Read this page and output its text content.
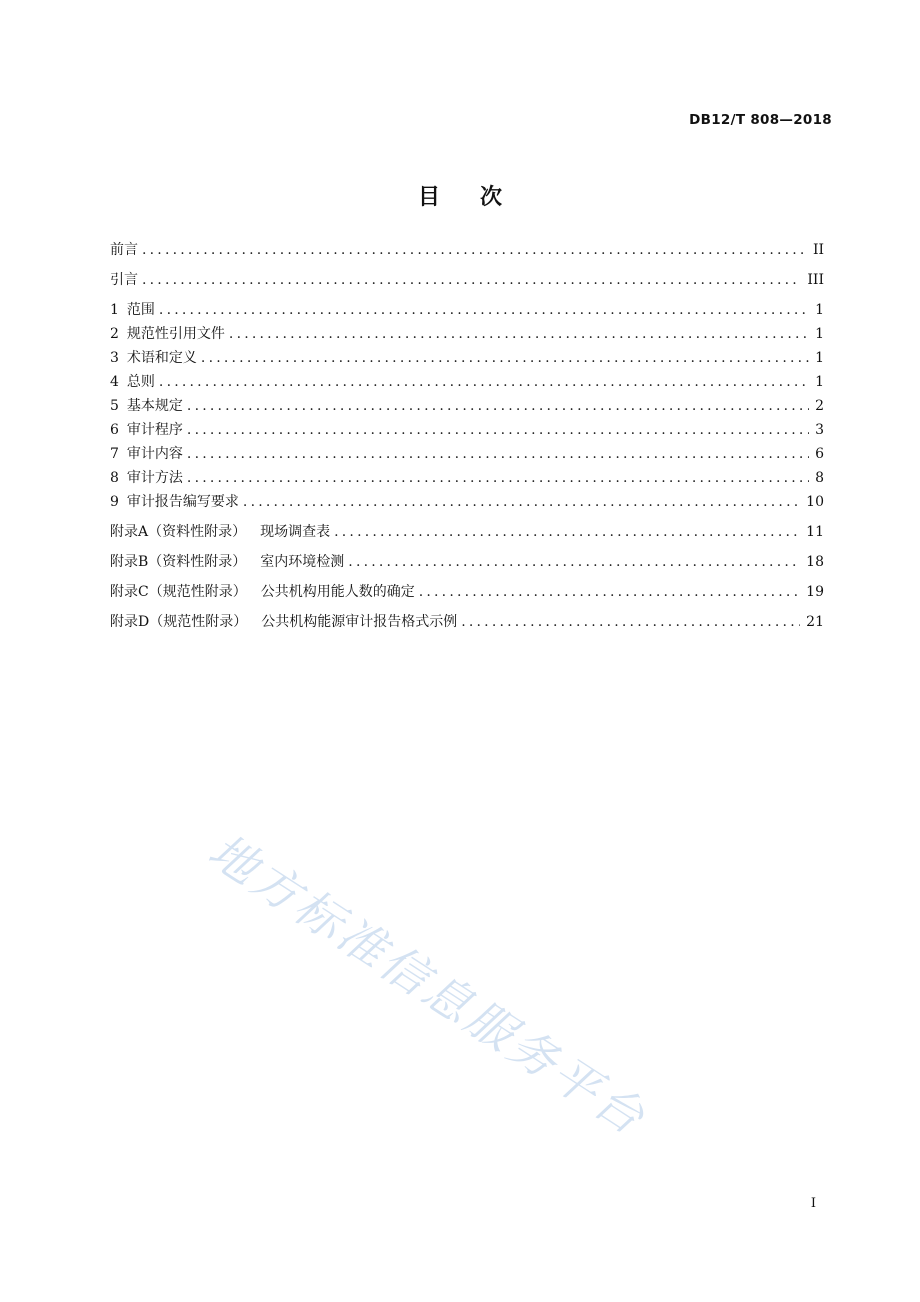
DB12/T 808—2018
目 次
前言 .....	II
引言 .....	III
1 范围 .....	1
2 规范性引用文件 .....	1
3 术语和定义 .....	1
4 总则 .....	1
5 基本规定 .....	2
6 审计程序 .....	3
7 审计内容 .....	6
8 审计方法 .....	8
9 审计报告编写要求 .....	10
附录A（资料性附录） 现场调查表 .....	11
附录B（资料性附录） 室内环境检测 .....	18
附录C（规范性附录） 公共机构用能人数的确定 .....	19
附录D（规范性附录） 公共机构能源审计报告格式示例 .....	21
地方标准信息服务平台
I
